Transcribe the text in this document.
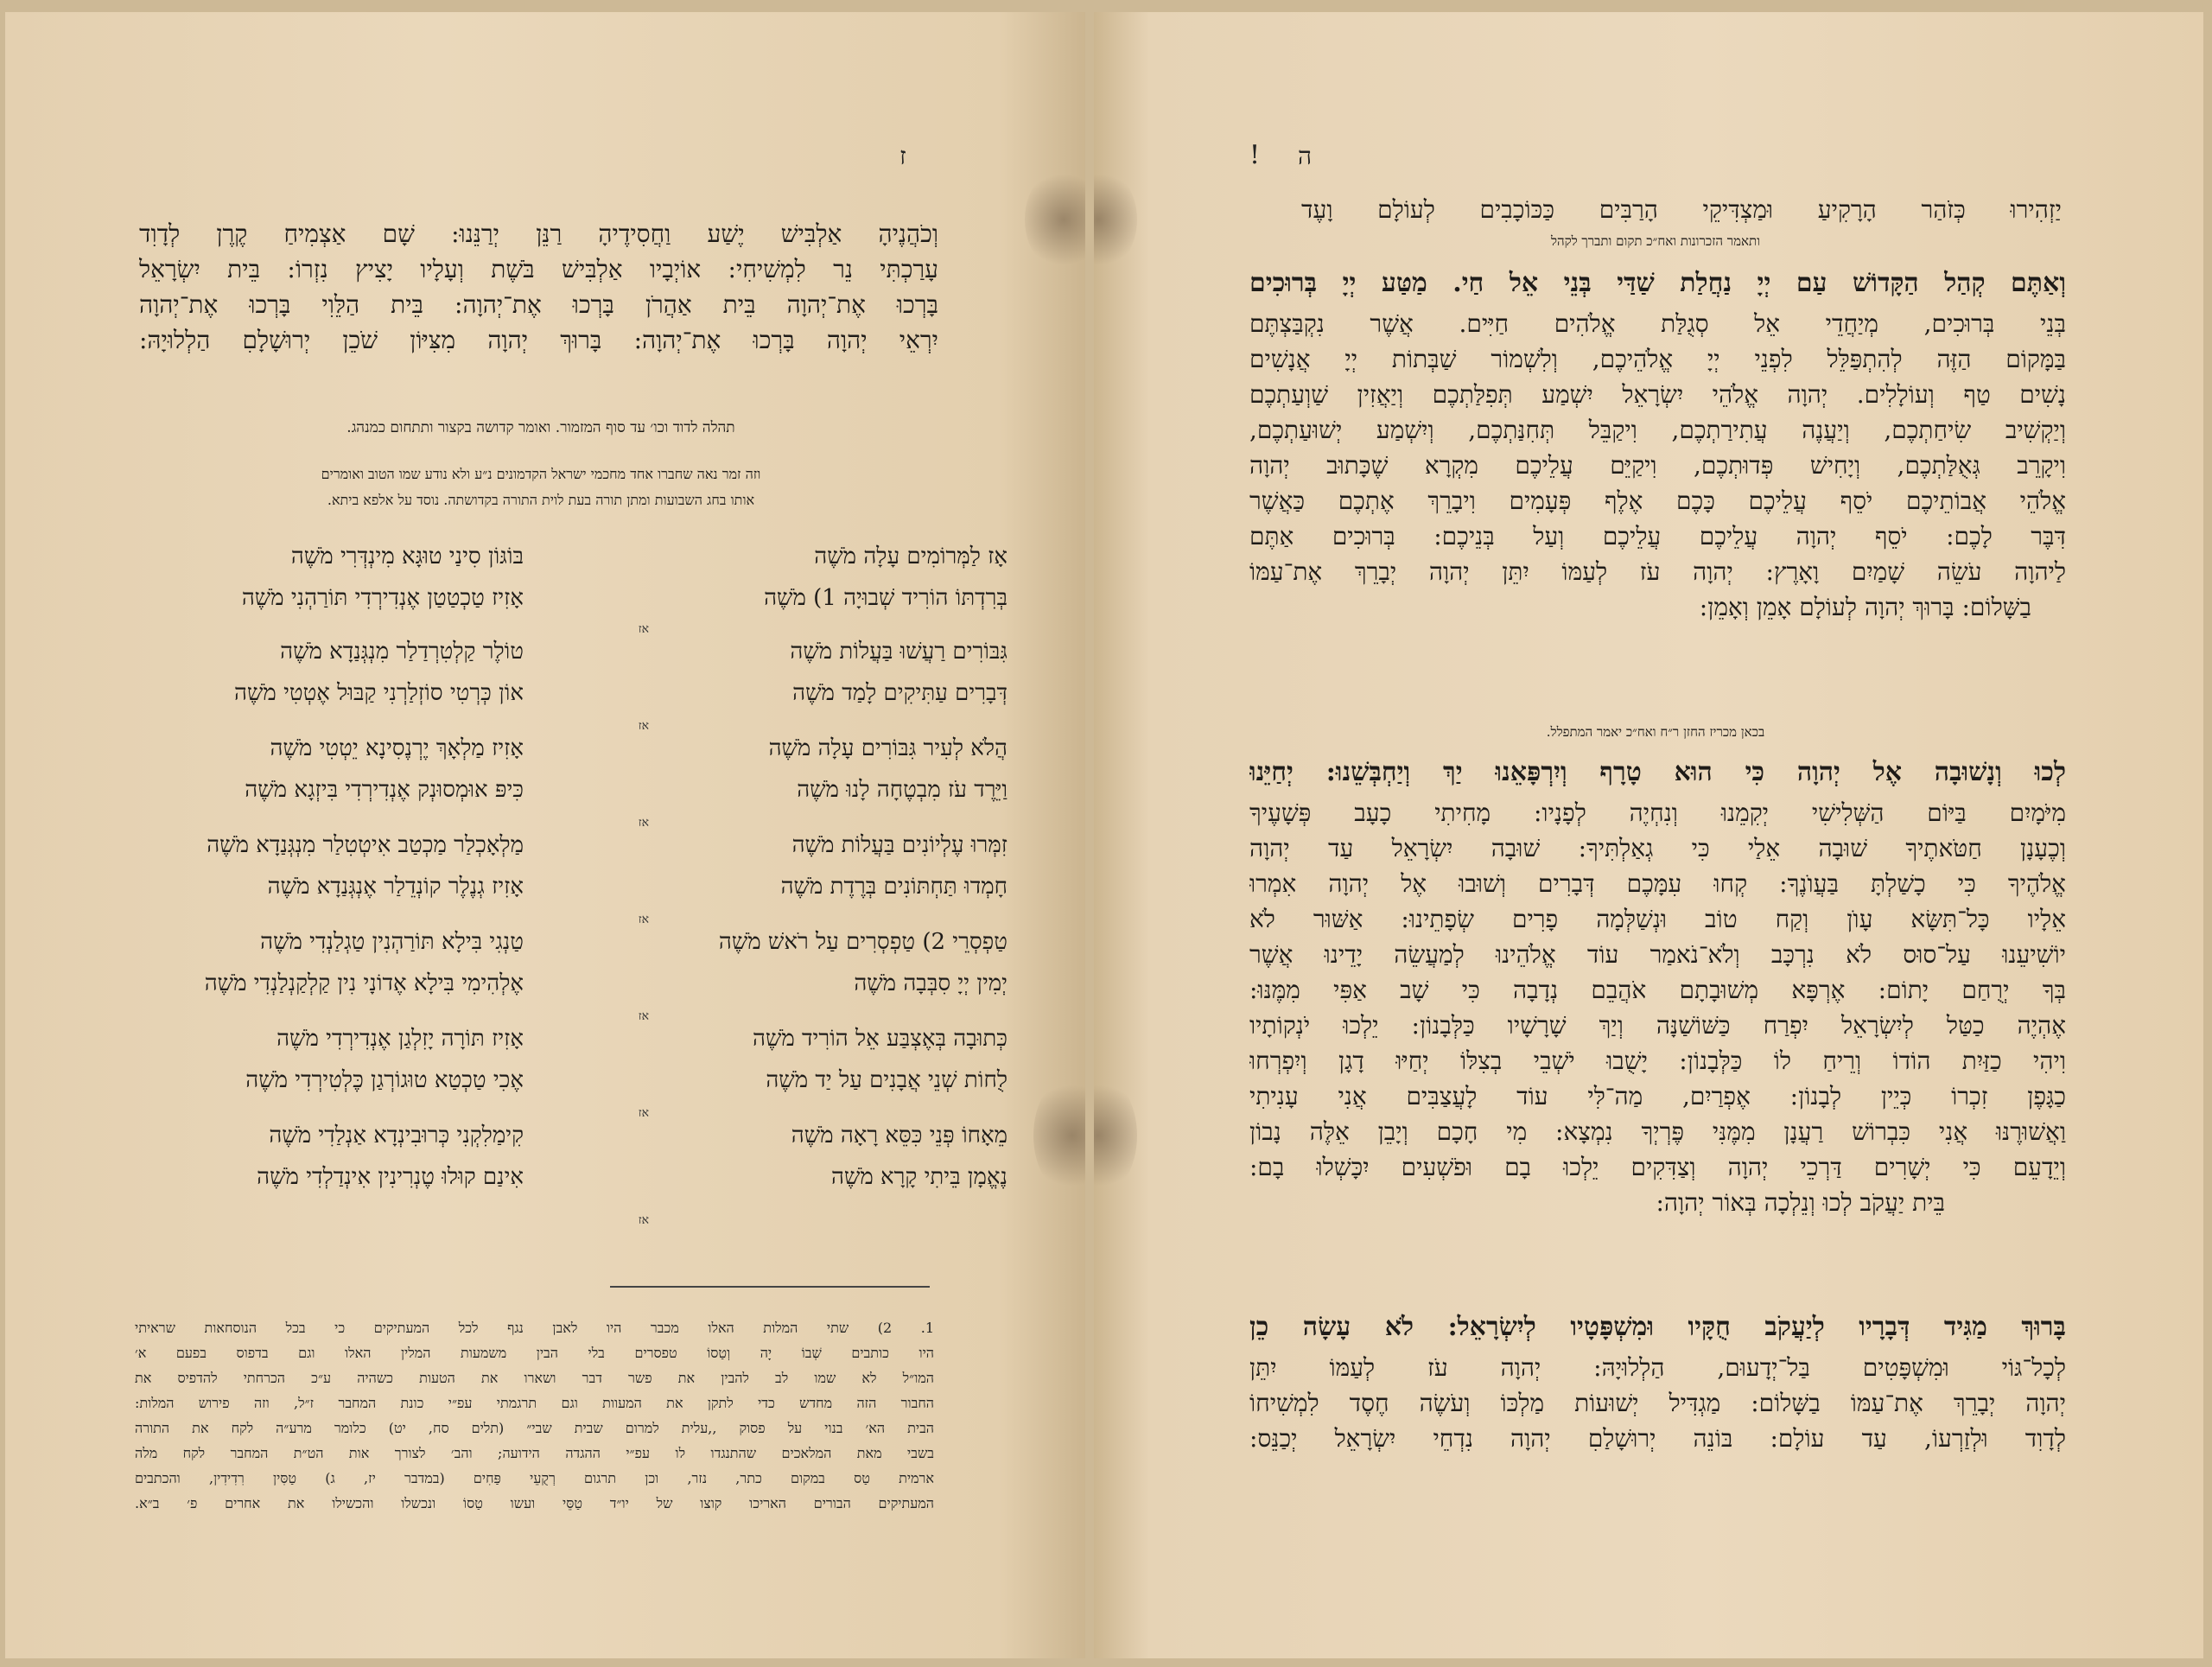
ז
וְכֹהֲנֶיהָ אַלְבִּישׁ יֶשַׁע וַחֲסִידֶיהָ רַנֵּן יְרַנֵּנוּ: שָׁם אַצְמִיחַ קֶרֶן לְדָוִד
עָרַכְתִּי נֵר לִמְשִׁיחִי: אוֹיְבָיו אַלְבִּישׁ בֹּשֶׁת וְעָלָיו יָצִיץ נִזְרוֹ: בֵּית יִשְׂרָאֵל
בָּרְכוּ אֶת־יְהוָה בֵּית אַהֲרֹן בָּרְכוּ אֶת־יְהוָה: בֵּית הַלֵּוִי בָּרְכוּ אֶת־יְהוָה
יִרְאֵי יְהוָה בָּרְכוּ אֶת־יְהוָה: בָּרוּךְ יְהוָה מִצִּיּוֹן שֹׁכֵן יְרוּשָׁלָםִ הַלְלוּיָהּ:
תהלה לדוד וכו׳ עד סוף המזמור. ואומר קדושה בקצור ותתחום כמנהג.
וזה זמר נאה שחברו אחד מחכמי ישראל הקדמונים נ״ע ולא נודע שמו הטוב ואומרים
אותו בחג השבועות ומתן תורה בעת לוית התורה בקדושתה. נוסד על אלפא ביתא.
אָז לַמְּרוֹמִים עָלָה מֹשֶׁה
בּוֹגּוֹן סִינַי טוּגָּא מִינְדְּרִי מֹשֶׁה
בְּרִדְתּוֹ הוֹרִיד שְׁבוּיָה 1) מֹשֶׁה
אָזִיז טַכְטַטַן אֶנְדִירְדִי תּוֹרַהְנִי מֹשֶׁה
אז
גִּבּוֹרִים רַעֲשׁוּ בַּעֲלוֹת מֹשֶׁה
טוֹלֶר קַלְטִרְדַלַר מִנְגְּנַדָא מֹשֶׁה
דְּבָרִים עַתִּיקִים לָמַד מֹשֶׁה
אוֹן כְּרְטִי סוֹזְלַרְנִי קַבּוּל אֶטְטִי מֹשֶׁה
אז
הֲלֹא לְעִיר גִּבּוֹרִים עָלָה מֹשֶׁה
אָזִיז מַלְאָךְ יֶרְנֶסִינָא יֵטְטִי מֹשֶׁה
וַיֵּרֶד עֹז מִבְטֶחָה לָנוּ מֹשֶׁה
כִּיפּ אוּמְסוּנְק אֶנְדִירְדִי בִּיזְגָא מֹשֶׁה
אז
זִמְּרוּ עֶלְיוֹנִים בַּעֲלוֹת מֹשֶׁה
מַלְאָכְלַר מַכְטַב אִיטְטִלַר מִנְגְּנַדָא מֹשֶׁה
חָמְדוּ תַּחְתּוֹנִים בְּרֶדֶת מֹשֶׁה
אָזִיז גְנֶלֶר קוֹנְדֵלַר אֶנְגְּנַדָא מֹשֶׁה
אז
טַפְסְרֵי 2) טַפְסְרִים עַל רֹאשׁ מֹשֶׁה
טַנְגִי בִּילָא תּוֹרַהְנִין טַגְלַנְדִי מֹשֶׁה
יְמִין יְיָ סִבְּבָה מֹשֶׁה
אֶלְהִימִי בִּילָא אֶדוֹנָי נִין קַלְקַנְלַנְדִי מֹשֶׁה
אז
כְּתוּבָה בְּאֶצְבַּע אֵל הוֹרִיד מֹשֶׁה
אָזִיז תּוֹרָה יָזִלְגַן אֶנְדִירְדִי מֹשֶׁה
לֻחוֹת שְׁנֵי אֲבָנִים עַל יַד מֹשֶׁה
אֶכִי טַכְטַא טוּגוֹרְגַן כֶּלְטִירְדִי מֹשֶׁה
אז
מֵאָחוֹ פְּנֵי כִּסֵּא רָאָה מֹשֶׁה
קִימַלִקְנִי כְּרוּבִינְדָא אַנְלַדִי מֹשֶׁה
נֶאֱמָן בֵּיתִי קָרָא מֹשֶׁה
אִינַם קוּלוּ טֶנְרִינִין אִינְדַלְדִי מֹשֶׁה
אז
1. 2) שתי המלות האלו מכבר היו לאבן נגף לכל המעתיקים כי בכל הנוסחאות שראיתי
היו כותבים שְׁבוֹ יָה וְטַסוֹ טפסרים בלי הבין משמעות המלין האלו וגם בדפוס בפעם א׳
המו״ל לא שמו לב להבין את פשר דבר ושארו את הטעות כשהיה ע״כ הכרחתי להדפיס את
החבור הזה מחדש כדי לתקן את המעוות וגם תרגמתי עפ״י כונת המחבר ז״ל, וזה פירוש המלות:
הבית הא׳ בנוי על פסוק ,,עלית למרום שבית שבי״ (תלים סח, יט) כלומר מרע״ה לקח את התורה
בשבי מאת המלאכים שהתנגדו לו עפ״י ההגדה הידועה; והב׳ לצורך אות הט״ת המחבר לקח מלה
ארמית טַס במקום כתר, נזר, וכן תרגום רְקֻעֵי פַּחִים (במדבר יז, ג) טַסִּין רִדִידִין, והכתבים
המעתיקים הבורים האריכו קוצו של יו״ד טַסֵּי ועשו טַסוֹ ונכשלו והכשילו את אחרים פ׳ ב״א.
! ה
יַזְהִירוּ כְּזֹהַר הָרָקִיעַ וּמַצְדִּיקֵי הָרַבִּים כַּכּוֹכָבִים לְעוֹלָם וָעֶד
ותאמר הזכרונות ואח״כ תקום ותברך לקהל
וְאַתֶּם קְהַל הַקָּדוֹשׁ עַם יְיָ נַחֲלַת שַׁדַּי בְּנֵי אֵל חַי. מַטַּע יְיָ בְּרוּכִים
בְּנֵי בְּרוּכִים, מְיַחֲדֵי אֵל סְגֻלַּת אֱלֹהִים חַיִּים. אֲשֶׁר נִקְבַּצְתֶּם
בַּמָּקוֹם הַזֶּה לְהִתְפַּלֵּל לִפְנֵי יְיָ אֱלֹהֵיכֶם, וְלִשְׁמוֹר שַׁבְּתוֹת יְיָ אֲנָשִׁים
נָשִׁים טַף וְעוֹלָלִים. יְהוָה אֱלֹהֵי יִשְׂרָאֵל יִשְׁמַע תְּפִלַּתְכֶם וְיַאֲזִין שַׁוְעַתְכֶם
וְיַקְשִׁיב שִׂיחַתְכֶם, וְיַעֲנֶה עֲתִירַתְכֶם, וִיקַבֵּל תְּחִנַּתְכֶם, וְיִשְׁמַע יְשׁוּעַתְכֶם,
וִיקָרֵב גְּאֻלַּתְכֶם, וְיָחִישׁ פְּדוּתְכֶם, וִיקַיֵּם עֲלֵיכֶם מִקְרָא שֶׁכָּתוּב יְהוָה
אֱלֹהֵי אֲבוֹתֵיכֶם יֹסֵף עֲלֵיכֶם כָּכֶם אֶלֶף פְּעָמִים וִיבָרֵךְ אֶתְכֶם כַּאֲשֶׁר
דִּבֶּר לָכֶם: יֹסֵף יְהוָה עֲלֵיכֶם עֲלֵיכֶם וְעַל בְּנֵיכֶם: בְּרוּכִים אַתֶּם
לַיהוָה עֹשֵׂה שָׁמַיִם וָאָרֶץ: יְהוָה עֹז לְעַמּוֹ יִתֵּן יְהוָה יְבָרֵךְ אֶת־עַמּוֹ
בַשָּׁלוֹם: בָּרוּךְ יְהוָה לְעוֹלָם אָמֵן וְאָמֵן:
בכאן מכריז החזן ר״ח ואח״כ יאמר המתפלל.
לְכוּ וְנָשׁוּבָה אֶל יְהוָה כִּי הוּא טָרָף וְיִרְפָּאֵנוּ יַךְ וְיַחְבְּשֵׁנוּ: יְחַיֵּנוּ
מִיֹּמָיִם בַּיּוֹם הַשְּׁלִישִׁי יְקִמֵנוּ וְנִחְיֶה לְפָנָיו: מָחִיתִי כָעָב פְּשָׁעֶיךָ
וְכֶעָנָן חַטֹּאתֶיךָ שׁוּבָה אֵלַי כִּי גְאַלְתִּיךָ: שׁוּבָה יִשְׂרָאֵל עַד יְהוָה
אֱלֹהֶיךָ כִּי כָשַׁלְתָּ בַּעֲוֺנֶךָ: קְחוּ עִמָּכֶם דְּבָרִים וְשׁוּבוּ אֶל יְהוָה אִמְרוּ
אֵלָיו כָּל־תִּשָּׂא עָוֺן וְקַח טוֹב וּנְשַׁלְּמָה פָרִים שְׂפָתֵינוּ: אַשּׁוּר לֹא
יוֹשִׁיעֵנוּ עַל־סוּס לֹא נִרְכָּב וְלֹא־נֹאמַר עוֹד אֱלֹהֵינוּ לְמַעֲשֵׂה יָדֵינוּ אֲשֶׁר
בְּךָ יְרֻחַם יָתוֹם: אֶרְפָּא מְשׁוּבָתָם אֹהֲבֵם נְדָבָה כִּי שָׁב אַפִּי מִמֶּנּוּ:
אֶהְיֶה כַטַּל לְיִשְׂרָאֵל יִפְרַח כַּשּׁוֹשַׁנָּה וְיַךְ שָׁרָשָׁיו כַּלְּבָנוֹן: יֵלְכוּ יֹנְקוֹתָיו
וִיהִי כַזַּיִת הוֹדוֹ וְרֵיחַ לוֹ כַּלְּבָנוֹן: יָשֻׁבוּ יֹשְׁבֵי בְצִלּוֹ יְחַיּוּ דָגָן וְיִפְרְחוּ
כַגָּפֶן זִכְרוֹ כְּיֵין לְבָנוֹן: אֶפְרַיִם, מַה־לִּי עוֹד לָעֲצַבִּים אֲנִי עָנִיתִי
וַאֲשׁוּרֶנּוּ אֲנִי כִּבְרוֹשׁ רַעֲנָן מִמֶּנִּי פֶּרְיְךָ נִמְצָא: מִי חָכָם וְיָבֵן אֵלֶּה נָבוֹן
וְיֵדָעֵם כִּי יְשָׁרִים דַּרְכֵי יְהוָה וְצַדִּקִים יֵלְכוּ בָם וּפֹשְׁעִים יִכָּשְׁלוּ בָם:
בֵּית יַעֲקֹב לְכוּ וְנֵלְכָה בְּאוֹר יְהוָה:
בָּרוּךְ מַגִּיד דְּבָרָיו לְיַעֲקֹב חֻקָּיו וּמִשְׁפָּטָיו לְיִשְׂרָאֵל: לֹא עָשָׂה כֵן
לְכָל־גּוֹי וּמִשְׁפָּטִים בַּל־יְדָעוּם, הַלְלוּיָהּ: יְהוָה עֹז לְעַמּוֹ יִתֵּן
יְהוָה יְבָרֵךְ אֶת־עַמּוֹ בַשָּׁלוֹם: מַגְדִּיל יְשׁוּעוֹת מַלְכּוֹ וְעֹשֶׂה חֶסֶד לִמְשִׁיחוֹ
לְדָוִד וּלְזַרְעוֹ, עַד עוֹלָם: בּוֹנֵה יְרוּשָׁלַםִ יְהוָה נִדְחֵי יִשְׂרָאֵל יְכַנֵּס:
